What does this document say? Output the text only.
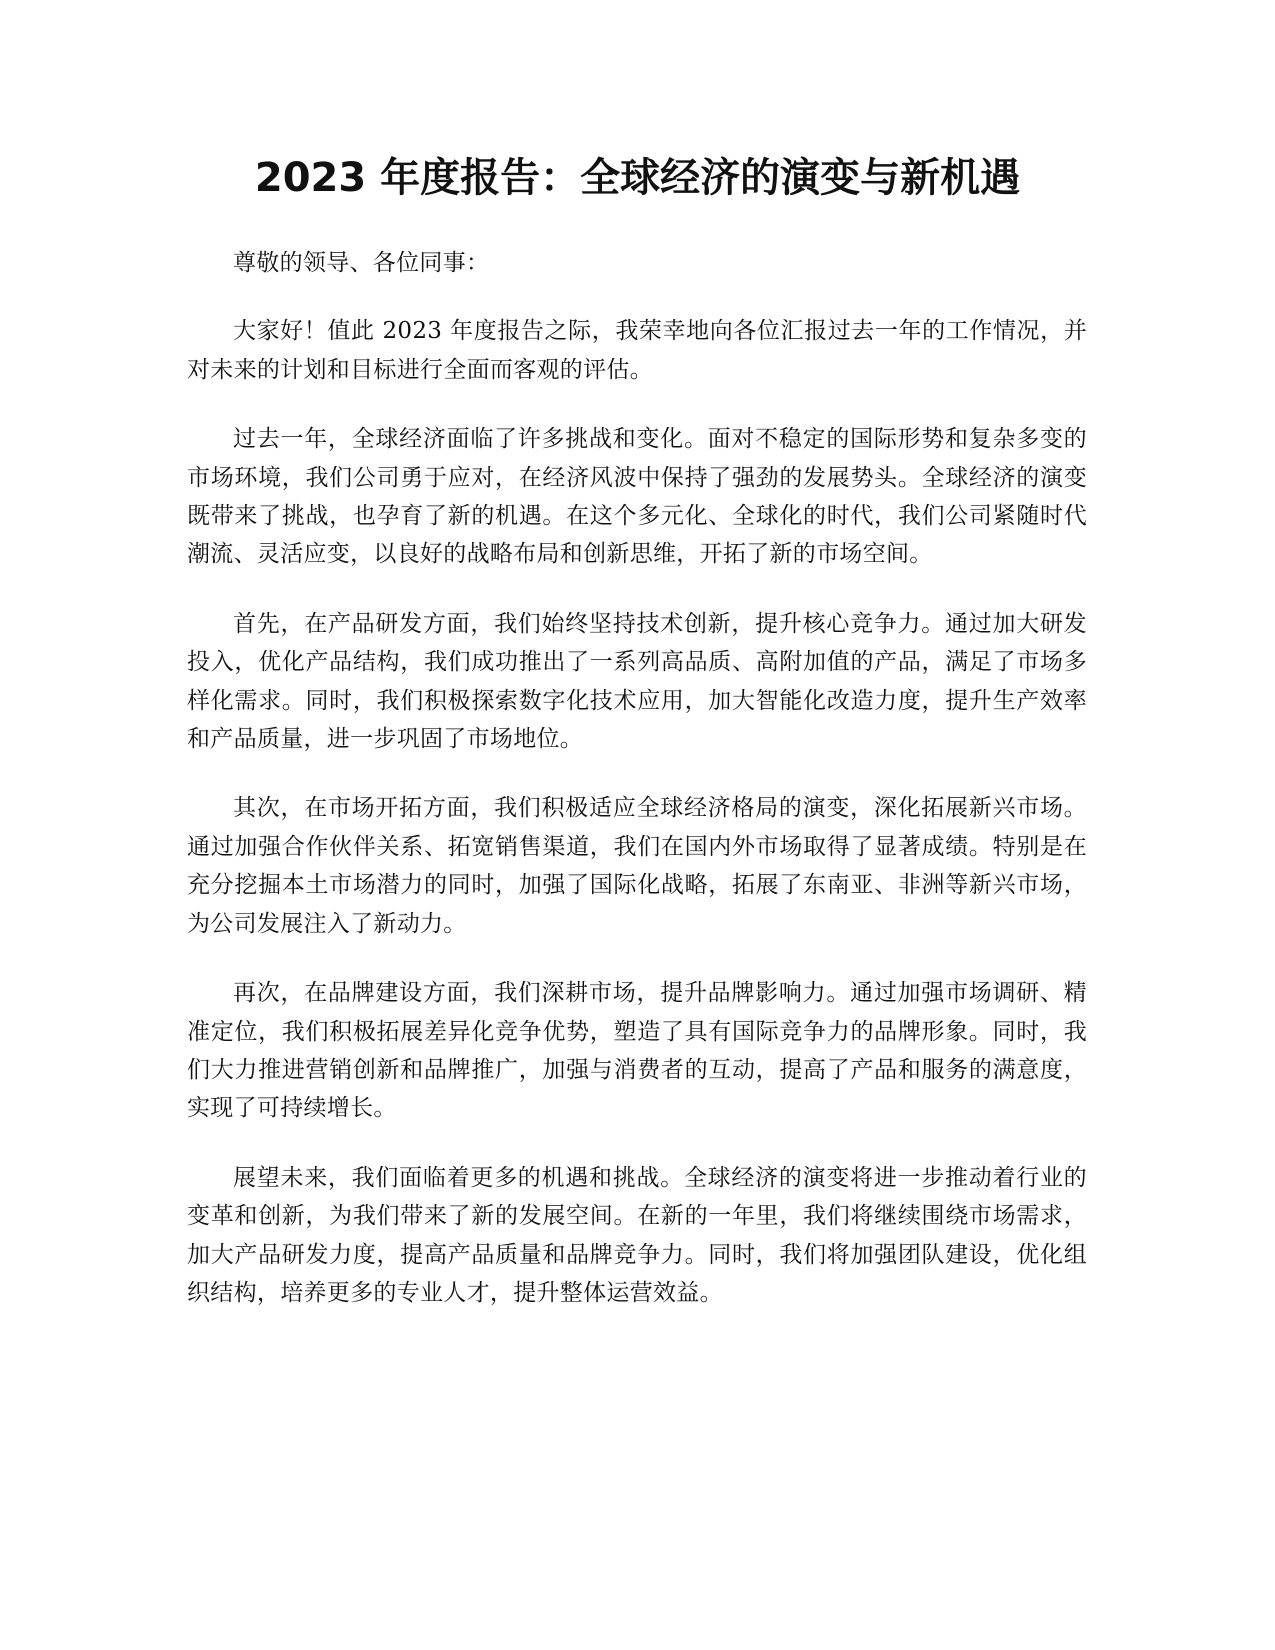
2023 年度报告：全球经济的演变与新机遇

尊敬的领导、各位同事：

大家好！值此 2023 年度报告之际，我荣幸地向各位汇报过去一年的工作情况，并对未来的计划和目标进行全面而客观的评估。

过去一年，全球经济面临了许多挑战和变化。面对不稳定的国际形势和复杂多变的市场环境，我们公司勇于应对，在经济风波中保持了强劲的发展势头。全球经济的演变既带来了挑战，也孕育了新的机遇。在这个多元化、全球化的时代，我们公司紧随时代潮流、灵活应变，以良好的战略布局和创新思维，开拓了新的市场空间。

首先，在产品研发方面，我们始终坚持技术创新，提升核心竞争力。通过加大研发投入，优化产品结构，我们成功推出了一系列高品质、高附加值的产品，满足了市场多样化需求。同时，我们积极探索数字化技术应用，加大智能化改造力度，提升生产效率和产品质量，进一步巩固了市场地位。

其次，在市场开拓方面，我们积极适应全球经济格局的演变，深化拓展新兴市场。通过加强合作伙伴关系、拓宽销售渠道，我们在国内外市场取得了显著成绩。特别是在充分挖掘本土市场潜力的同时，加强了国际化战略，拓展了东南亚、非洲等新兴市场，为公司发展注入了新动力。

再次，在品牌建设方面，我们深耕市场，提升品牌影响力。通过加强市场调研、精准定位，我们积极拓展差异化竞争优势，塑造了具有国际竞争力的品牌形象。同时，我们大力推进营销创新和品牌推广，加强与消费者的互动，提高了产品和服务的满意度，实现了可持续增长。

展望未来，我们面临着更多的机遇和挑战。全球经济的演变将进一步推动着行业的变革和创新，为我们带来了新的发展空间。在新的一年里，我们将继续围绕市场需求，加大产品研发力度，提高产品质量和品牌竞争力。同时，我们将加强团队建设，优化组织结构，培养更多的专业人才，提升整体运营效益。
